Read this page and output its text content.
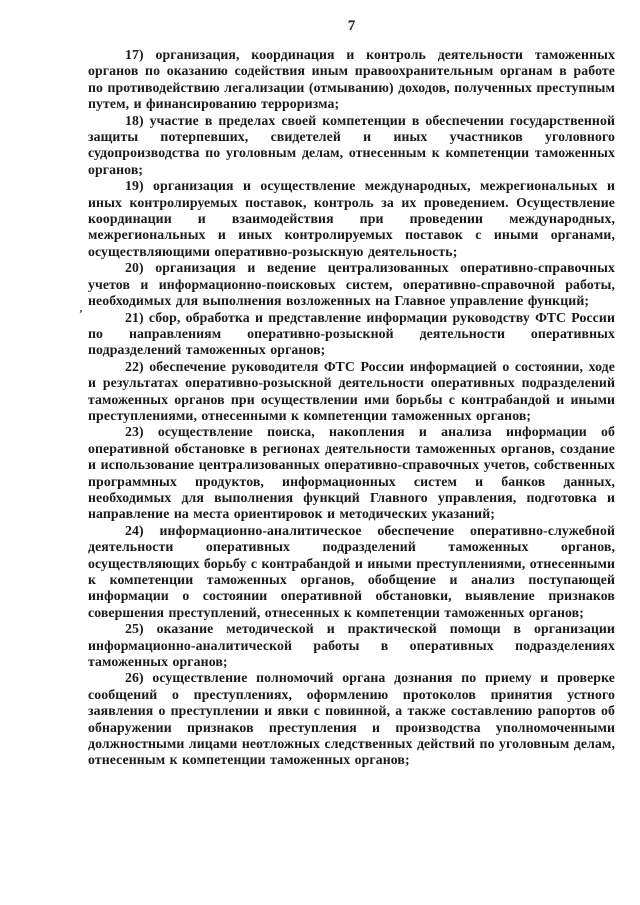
7

17) организация, координация и контроль деятельности таможенных органов по оказанию содействия иным правоохранительным органам в работе по противодействию легализации (отмыванию) доходов, полученных преступным путем, и финансированию терроризма;

18) участие в пределах своей компетенции в обеспечении государственной защиты потерпевших, свидетелей и иных участников уголовного судопроизводства по уголовным делам, отнесенным к компетенции таможенных органов;

19) организация и осуществление международных, межрегиональных и иных контролируемых поставок, контроль за их проведением. Осуществление координации и взаимодействия при проведении международных, межрегиональных и иных контролируемых поставок с иными органами, осуществляющими оперативно-розыскную деятельность;

20) организация и ведение централизованных оперативно-справочных учетов и информационно-поисковых систем, оперативно-справочной работы, необходимых для выполнения возложенных на Главное управление функций;

21) сбор, обработка и представление информации руководству ФТС России по направлениям оперативно-розыскной деятельности оперативных подразделений таможенных органов;

22) обеспечение руководителя ФТС России информацией о состоянии, ходе и результатах оперативно-розыскной деятельности оперативных подразделений таможенных органов при осуществлении ими борьбы с контрабандой и иными преступлениями, отнесенными к компетенции таможенных органов;

23) осуществление поиска, накопления и анализа информации об оперативной обстановке в регионах деятельности таможенных органов, создание и использование централизованных оперативно-справочных учетов, собственных программных продуктов, информационных систем и банков данных, необходимых для выполнения функций Главного управления, подготовка и направление на места ориентировок и методических указаний;

24) информационно-аналитическое обеспечение оперативно-служебной деятельности оперативных подразделений таможенных органов, осуществляющих борьбу с контрабандой и иными преступлениями, отнесенными к компетенции таможенных органов, обобщение и анализ поступающей информации о состоянии оперативной обстановки, выявление признаков совершения преступлений, отнесенных к компетенции таможенных органов;

25) оказание методической и практической помощи в организации информационно-аналитической работы в оперативных подразделениях таможенных органов;

26) осуществление полномочий органа дознания по приему и проверке сообщений о преступлениях, оформлению протоколов принятия устного заявления о преступлении и явки с повинной, а также составлению рапортов об обнаружении признаков преступления и производства уполномоченными должностными лицами неотложных следственных действий по уголовным делам, отнесенным к компетенции таможенных органов;

’
